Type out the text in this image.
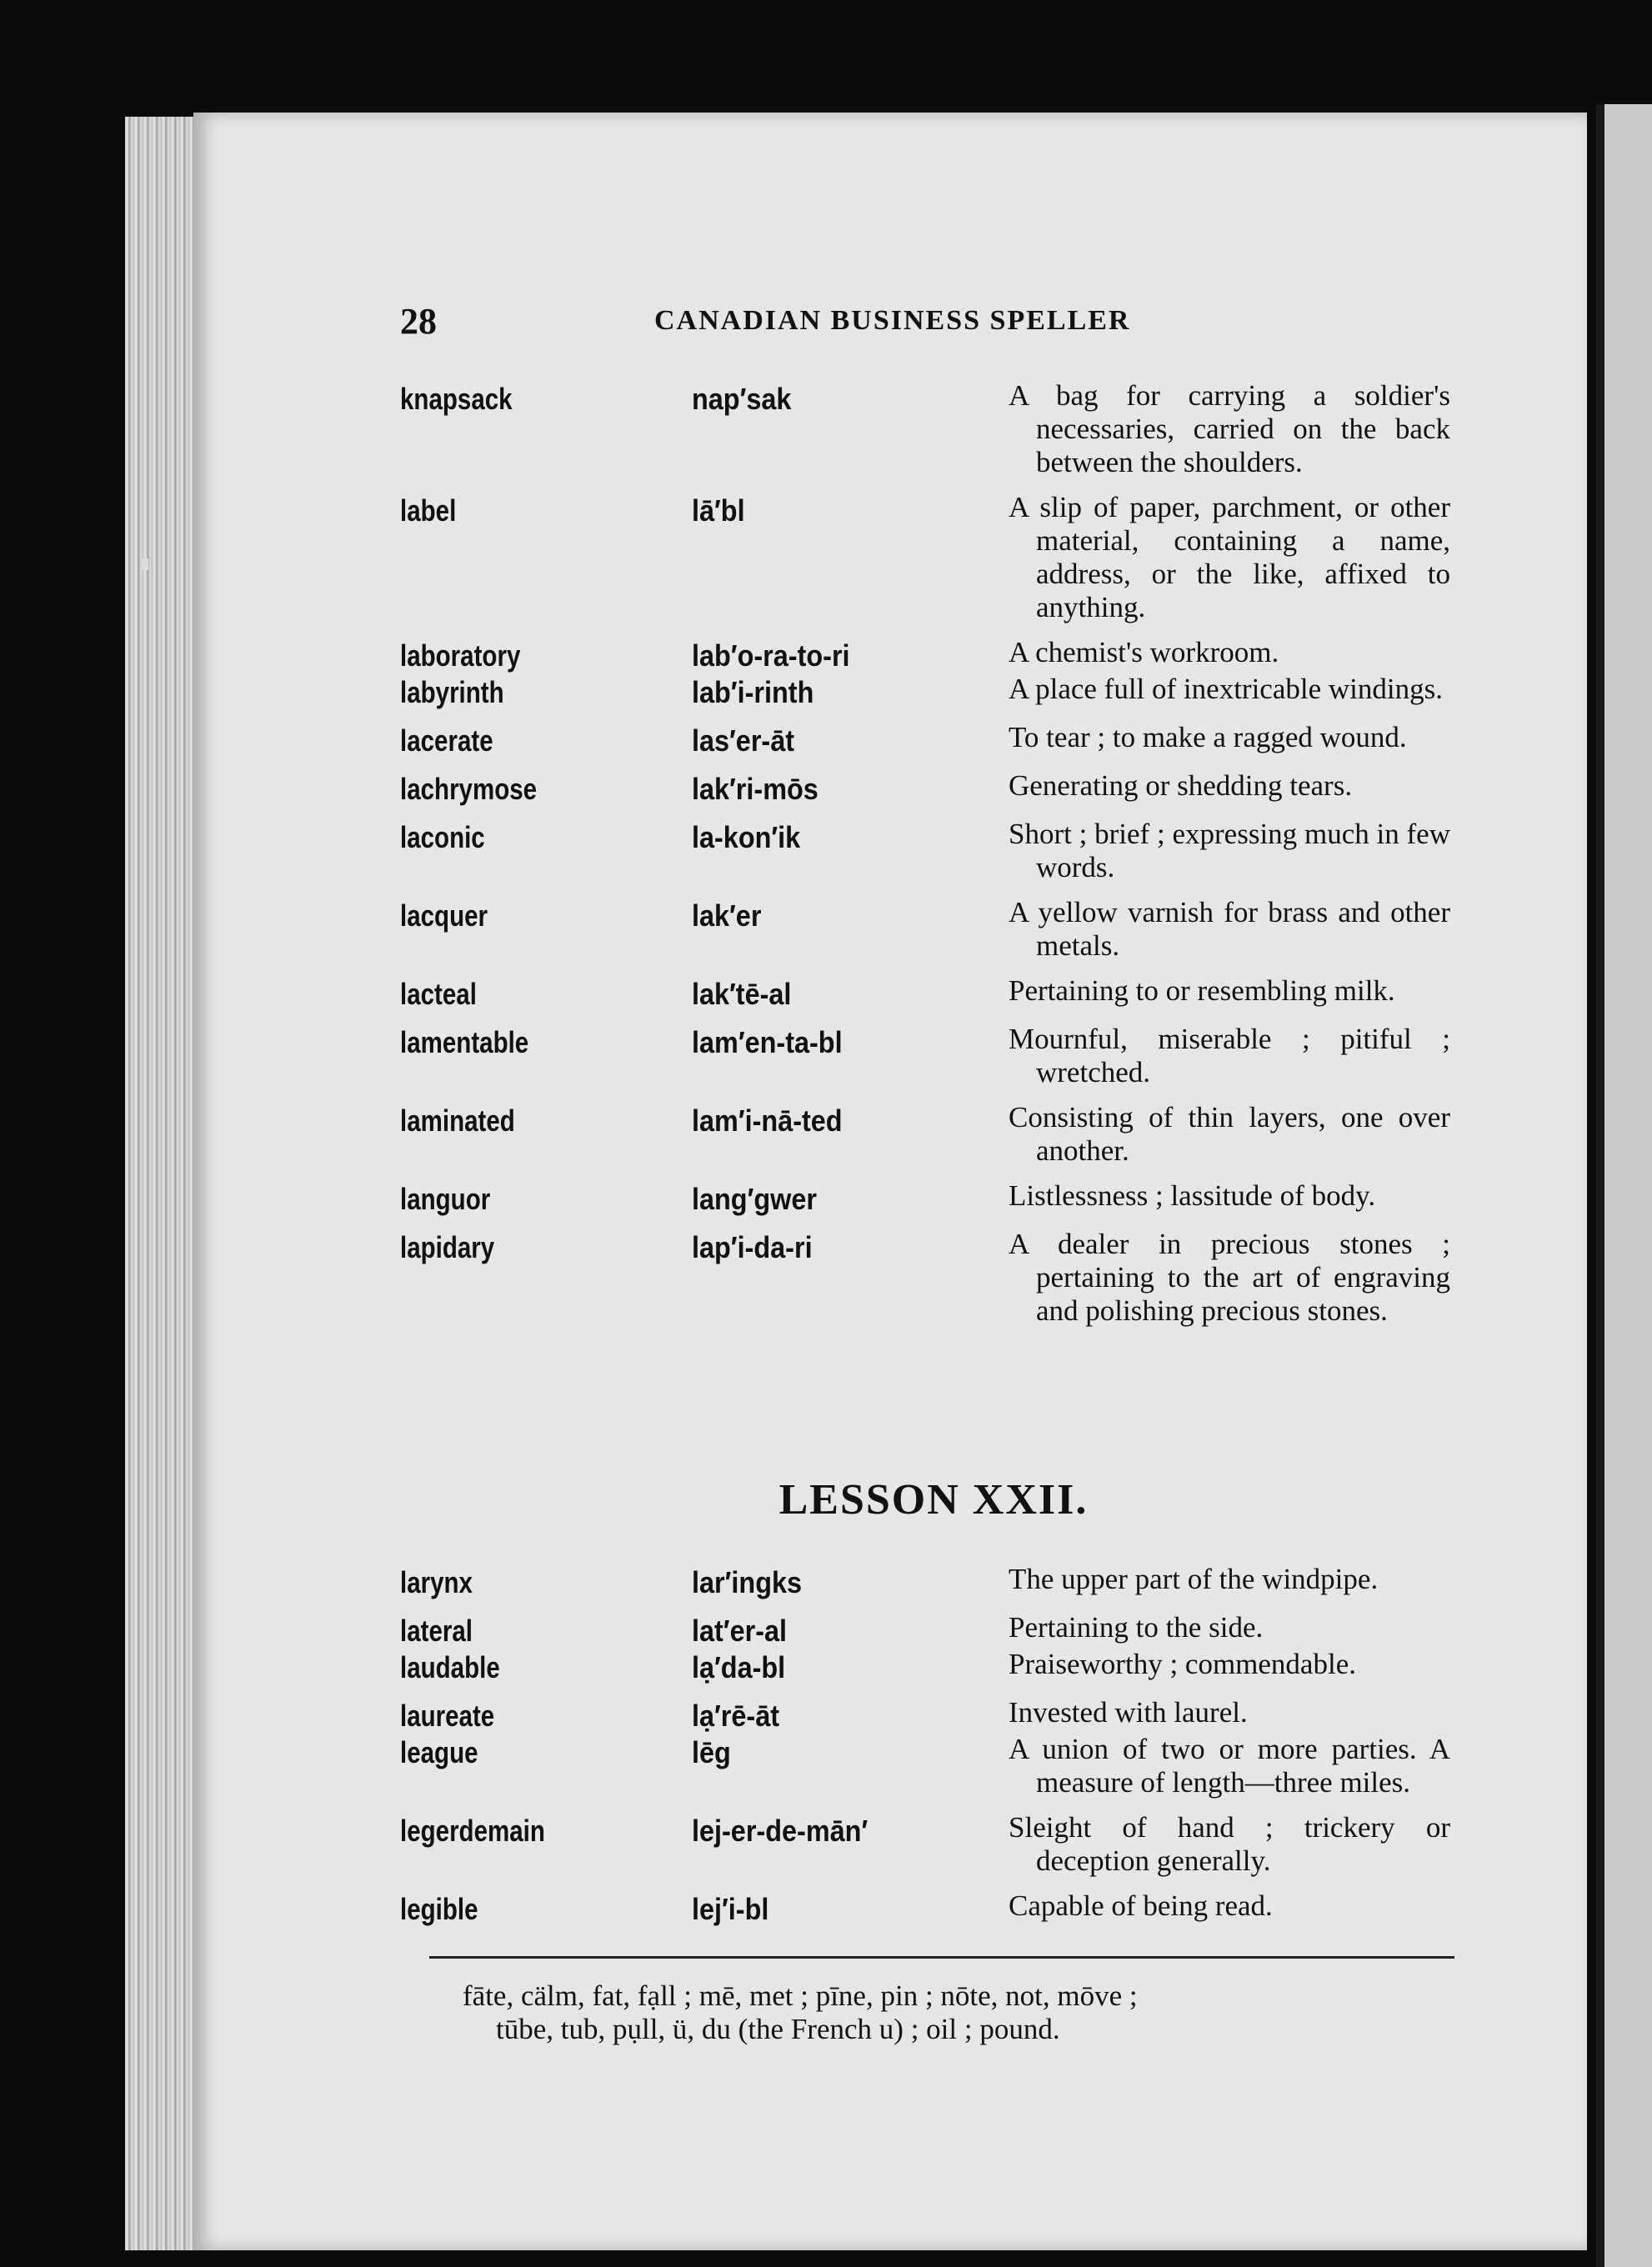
28	CANADIAN BUSINESS SPELLER
knapsack	nap′sak	A bag for carrying a soldier's necessaries, carried on the back between the shoulders.
label	lā′bl	A slip of paper, parchment, or other material, containing a name, address, or the like, affixed to anything.
laboratory	lab′o-ra-to-ri	A chemist's workroom.
labyrinth	lab′i-rinth	A place full of inextricable windings.
lacerate	las′er-āt	To tear ; to make a ragged wound.
lachrymose	lak′ri-mōs	Generating or shedding tears.
laconic	la-kon′ik	Short ; brief ; expressing much in few words.
lacquer	lak′er	A yellow varnish for brass and other metals.
lacteal	lak′tē-al	Pertaining to or resembling milk.
lamentable	lam′en-ta-bl	Mournful, miserable ; pitiful ; wretched.
laminated	lam′i-nā-ted	Consisting of thin layers, one over another.
languor	lang′gwer	Listlessness ; lassitude of body.
lapidary	lap′i-da-ri	A dealer in precious stones ; pertaining to the art of engraving and polishing precious stones.
LESSON XXII.
larynx	lar′ingks	The upper part of the windpipe.
lateral	lat′er-al	Pertaining to the side.
laudable	lạ′da-bl	Praiseworthy ; commendable.
laureate	lạ′rē-āt	Invested with laurel.
league	lēg	A union of two or more parties. A measure of length—three miles.
legerdemain	lej-er-de-mān′	Sleight of hand ; trickery or deception generally.
legible	lej′i-bl	Capable of being read.
fāte, cälm, fat, fạll ; mē, met ; pīne, pin ; nōte, not, mōve ;
tūbe, tub, pụll, ü, du (the French u) ; oil ; pound.
